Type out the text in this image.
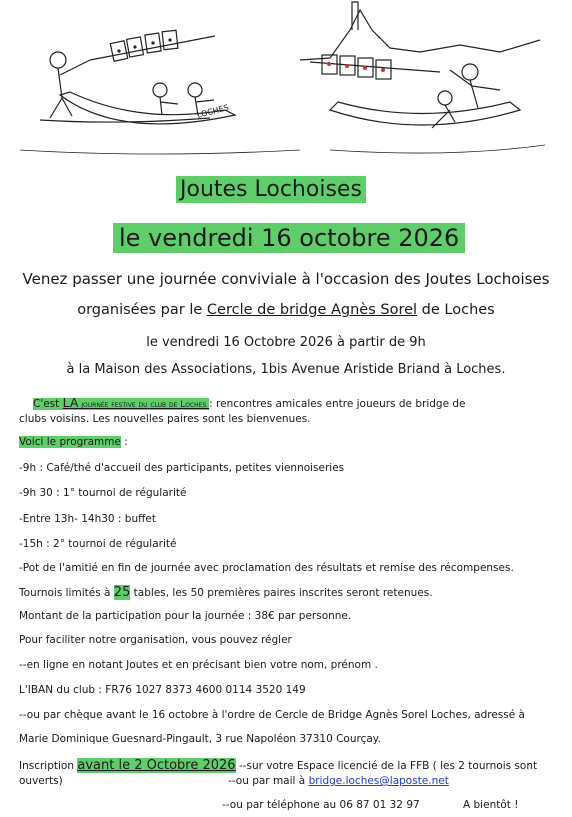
LOCHES
Joutes Lochoises
le vendredi 16 octobre 2026
Venez passer une journée conviviale à l'occasion des Joutes Lochoises
organisées par le Cercle de bridge Agnès Sorel de Loches
le vendredi 16 Octobre 2026 à partir de 9h
à la Maison des Associations, 1bis Avenue Aristide Briand à Loches.
C'est LA journée festive du club de Loches : rencontres amicales entre joueurs de bridge de
clubs voisins. Les nouvelles paires sont les bienvenues.
Voici le programme :
-9h : Café/thé d'accueil des participants, petites viennoiseries
-9h 30 : 1° tournoi de régularité
-Entre 13h- 14h30 : buffet
-15h : 2° tournoi de régularité
-Pot de l'amitié en fin de journée avec proclamation des résultats et remise des récompenses.
Tournois limités à 25 tables, les 50 premières paires inscrites seront retenues.
Montant de la participation pour la journée : 38€ par personne.
Pour faciliter notre organisation, vous pouvez régler
--en ligne en notant Joutes et en précisant bien votre nom, prénom .
L'IBAN du club : FR76 1027 8373 4600 0114 3520 149
--ou par chèque avant le 16 octobre à l'ordre de Cercle de Bridge Agnès Sorel Loches, adressé à
Marie Dominique Guesnard-Pingault, 3 rue Napoléon 37310 Courçay.
Inscription avant le 2 Octobre 2026 --sur votre Espace licencié de la FFB ( les 2 tournois sont
ouverts)	--ou par mail à bridge.loches@laposte.net
--ou par téléphone au 06 87 01 32 97	A bientôt !
